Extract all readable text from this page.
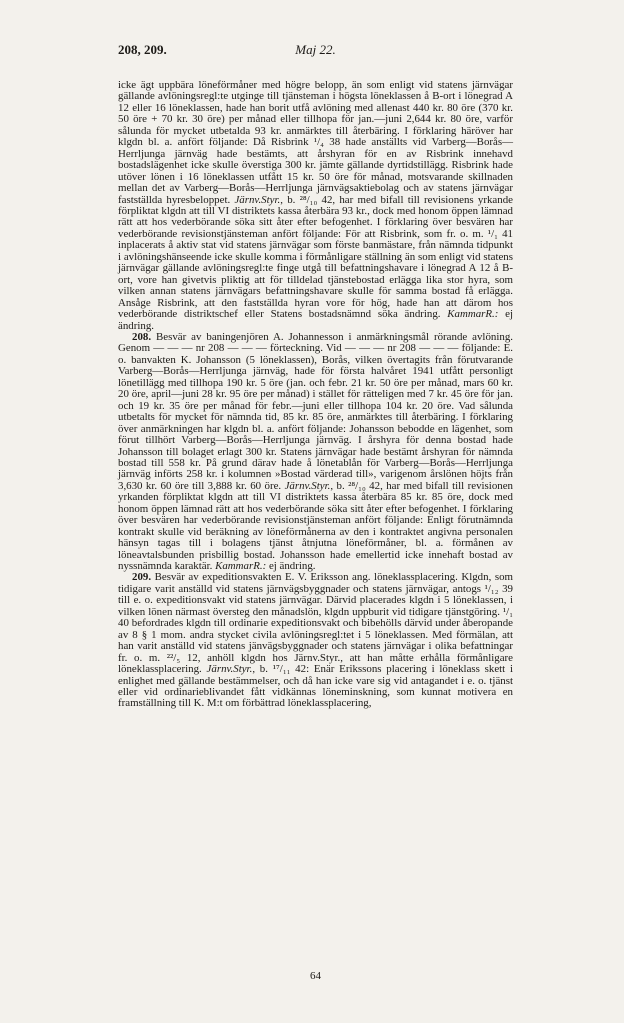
208, 209.	Maj 22.

icke ägt uppbära löneförmåner med högre belopp, än som enligt vid statens järnvägar gällande avlöningsregl:te utginge till tjänsteman i högsta löneklassen å B-ort i lönegrad A 12 eller 16 löneklassen, hade han borit utfå avlöning med allenast 440 kr. 80 öre (370 kr. 50 öre + 70 kr. 30 öre) per månad eller tillhopa för jan.—juni 2,644 kr. 80 öre, varför sålunda för mycket utbetalda 93 kr. anmärktes till återbäring. I förklaring häröver har klgdn bl. a. anfört följande: Då Risbrink ¹/₄ 38 hade anställts vid Varberg—Borås—Herrljunga järnväg hade bestämts, att årshyran för en av Risbrink innehavd bostadslägenhet icke skulle överstiga 300 kr. jämte gällande dyrtidstillägg. Risbrink hade utöver lönen i 16 löneklassen utfått 15 kr. 50 öre för månad, motsvarande skillnaden mellan det av Varberg—Borås—Herrljunga järnvägsaktiebolag och av statens järnvägar fastställda hyresbeloppet. Järnv.Styr., b. ²⁸/₁₀ 42, har med bifall till revisionens yrkande förpliktat klgdn att till VI distriktets kassa återbära 93 kr., dock med honom öppen lämnad rätt att hos vederbörande söka sitt åter efter befogenhet. I förklaring över besvären har vederbörande revisionstjänsteman anfört följande: För att Risbrink, som fr. o. m. ¹/₁ 41 inplacerats å aktiv stat vid statens järnvägar som förste banmästare, från nämnda tidpunkt i avlöningshänseende icke skulle komma i förmånligare ställning än som enligt vid statens järnvägar gällande avlöningsregl:te finge utgå till befattningshavare i lönegrad A 12 å B-ort, vore han givetvis pliktig att för tilldelad tjänstebostad erlägga lika stor hyra, som vilken annan statens järnvägars befattningshavare skulle för samma bostad få erlägga. Ansåge Risbrink, att den fastställda hyran vore för hög, hade han att därom hos vederbörande distriktschef eller Statens bostadsnämnd söka ändring. KammarR.: ej ändring.

208. Besvär av baningenjören A. Johannesson i anmärkningsmål rörande avlöning. Genom — — — nr 208 — — — förteckning. Vid — — — nr 208 — — — följande: E. o. banvakten K. Johansson (5 löneklassen), Borås, vilken övertagits från förutvarande Varberg—Borås—Herrljunga järnväg, hade för första halvåret 1941 utfått personligt lönetillägg med tillhopa 190 kr. 5 öre (jan. och febr. 21 kr. 50 öre per månad, mars 60 kr. 20 öre, april—juni 28 kr. 95 öre per månad) i stället för rätteligen med 7 kr. 45 öre för jan. och 19 kr. 35 öre per månad för febr.—juni eller tillhopa 104 kr. 20 öre. Vad sålunda utbetalts för mycket för nämnda tid, 85 kr. 85 öre, anmärktes till återbäring. I förklaring över anmärkningen har klgdn bl. a. anfört följande: Johansson bebodde en lägenhet, som förut tillhört Varberg—Borås—Herrljunga järnväg. I årshyra för denna bostad hade Johansson till bolaget erlagt 300 kr. Statens järnvägar hade bestämt årshyran för nämnda bostad till 558 kr. På grund därav hade å lönetablån för Varberg—Borås—Herrljunga järnväg införts 258 kr. i kolumnen »Bostad värderad till», varigenom årslönen höjts från 3,630 kr. 60 öre till 3,888 kr. 60 öre. Järnv.Styr., b. ²⁸/₁₀ 42, har med bifall till revisionen yrkanden förpliktat klgdn att till VI distriktets kassa återbära 85 kr. 85 öre, dock med honom öppen lämnad rätt att hos vederbörande söka sitt åter efter befogenhet. I förklaring över besvären har vederbörande revisionstjänsteman anfört följande: Enligt förutnämnda kontrakt skulle vid beräkning av löneförmånerna av den i kontraktet angivna personalen hänsyn tagas till i bolagens tjänst åtnjutna löneförmåner, bl. a. förmånen av löneavtalsbunden prisbillig bostad. Johansson hade emellertid icke innehaft bostad av nyssnämnda karaktär. KammarR.: ej ändring.

209. Besvär av expeditionsvakten E. V. Eriksson ang. löneklassplacering. Klgdn, som tidigare varit anställd vid statens järnvägsbyggnader och statens järnvägar, antogs ¹/₁₂ 39 till e. o. expeditionsvakt vid statens järnvägar. Därvid placerades klgdn i 5 löneklassen, i vilken lönen närmast översteg den månadslön, klgdn uppburit vid tidigare tjänstgöring. ¹/₁ 40 befordrades klgdn till ordinarie expeditionsvakt och bibehölls därvid under åberopande av 8 § 1 mom. andra stycket civila avlöningsregl:tet i 5 löneklassen. Med förmälan, att han varit anställd vid statens jänvägsbyggnader och statens järnvägar i olika befattningar fr. o. m. ²²/₅ 12, anhöll klgdn hos Järnv.Styr., att han måtte erhålla förmånligare löneklassplacering. Järnv.Styr., b. ¹⁷/₁₁ 42: Enär Erikssons placering i löneklass skett i enlighet med gällande bestämmelser, och då han icke vare sig vid antagandet i e. o. tjänst eller vid ordinarieblivandet fått vidkännas löneminskning, som kunnat motivera en framställning till K. M:t om förbättrad löneklassplacering,

64
